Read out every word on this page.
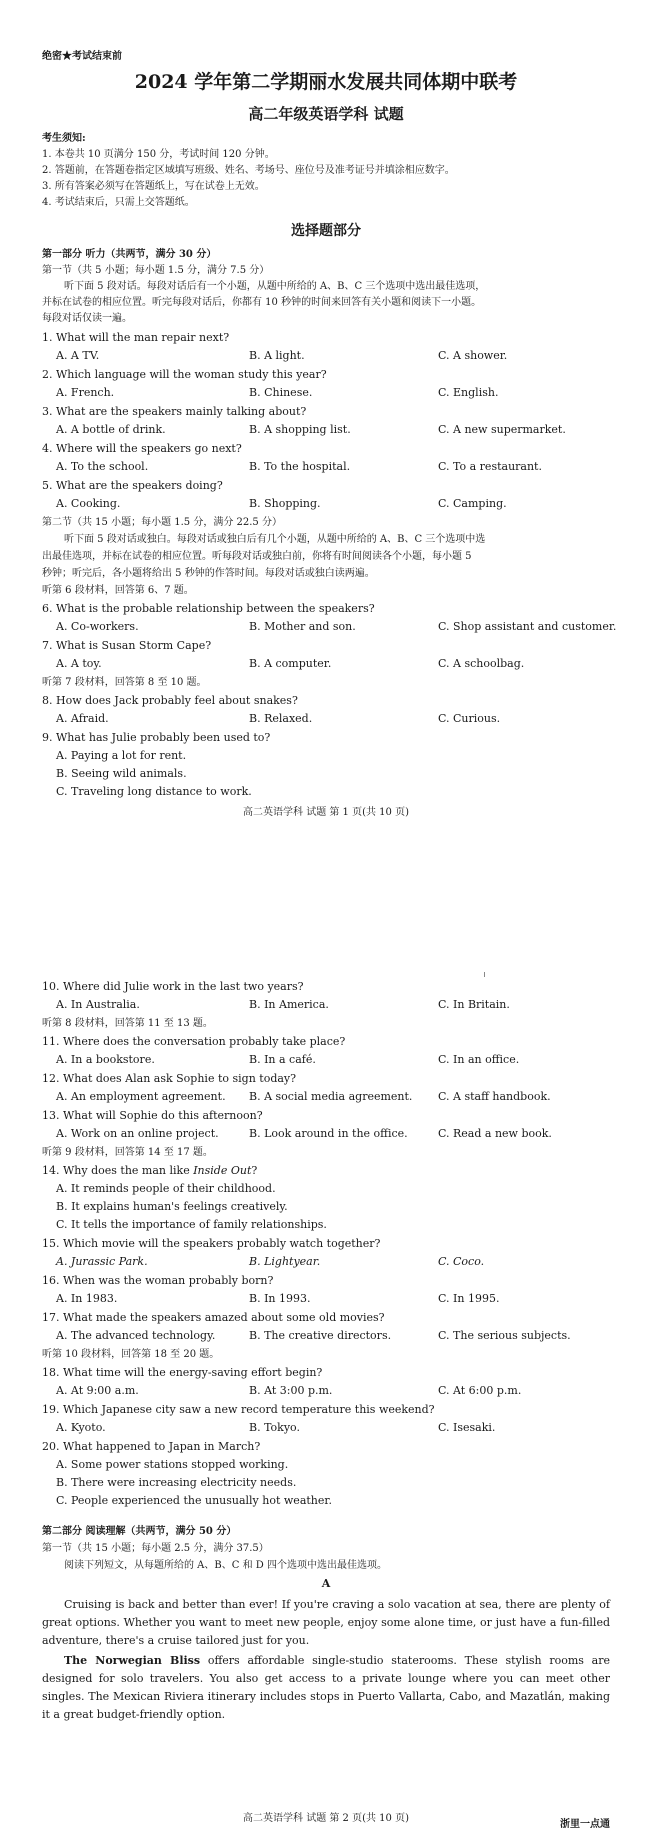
绝密★考试结束前
2024 学年第二学期丽水发展共同体期中联考
高二年级英语学科 试题
考生须知:
1. 本卷共 10 页满分 150 分，考试时间 120 分钟。
2. 答题前，在答题卷指定区域填写班级、姓名、考场号、座位号及准考证号并填涂相应数字。
3. 所有答案必须写在答题纸上，写在试卷上无效。
4. 考试结束后，只需上交答题纸。
选择题部分
第一部分 听力（共两节，满分 30 分）
第一节（共 5 小题；每小题 1.5 分，满分 7.5 分）
听下面 5 段对话。每段对话后有一个小题，从题中所给的 A、B、C 三个选项中选出最佳选项，
并标在试卷的相应位置。听完每段对话后，你都有 10 秒钟的时间来回答有关小题和阅读下一小题。
每段对话仅读一遍。
1. What will the man repair next?
A. A TV.	B. A light.	C. A shower.
2. Which language will the woman study this year?
A. French.	B. Chinese.	C. English.
3. What are the speakers mainly talking about?
A. A bottle of drink.	B. A shopping list.	C. A new supermarket.
4. Where will the speakers go next?
A. To the school.	B. To the hospital.	C. To a restaurant.
5. What are the speakers doing?
A. Cooking.	B. Shopping.	C. Camping.
第二节（共 15 小题；每小题 1.5 分，满分 22.5 分）
听下面 5 段对话或独白。每段对话或独白后有几个小题，从题中所给的 A、B、C 三个选项中选
出最佳选项，并标在试卷的相应位置。听每段对话或独白前，你将有时间阅读各个小题，每小题 5
秒钟；听完后，各小题将给出 5 秒钟的作答时间。每段对话或独白读两遍。
听第 6 段材料，回答第 6、7 题。
6. What is the probable relationship between the speakers?
A. Co-workers.	B. Mother and son.	C. Shop assistant and customer.
7. What is Susan Storm Cape?
A. A toy.	B. A computer.	C. A schoolbag.
听第 7 段材料，回答第 8 至 10 题。
8. How does Jack probably feel about snakes?
A. Afraid.	B. Relaxed.	C. Curious.
9. What has Julie probably been used to?
A. Paying a lot for rent.
B. Seeing wild animals.
C. Traveling long distance to work.
高二英语学科 试题 第 1 页(共 10 页)
10. Where did Julie work in the last two years?
A. In Australia.	B. In America.	C. In Britain.
听第 8 段材料，回答第 11 至 13 题。
11. Where does the conversation probably take place?
A. In a bookstore.	B. In a café.	C. In an office.
12. What does Alan ask Sophie to sign today?
A. An employment agreement. B. A social media agreement. C. A staff handbook.
13. What will Sophie do this afternoon?
A. Work on an online project.	B. Look around in the office.	C. Read a new book.
听第 9 段材料，回答第 14 至 17 题。
14. Why does the man like Inside Out?
A. It reminds people of their childhood.
B. It explains human's feelings creatively.
C. It tells the importance of family relationships.
15. Which movie will the speakers probably watch together?
A. Jurassic Park.	B. Lightyear.	C. Coco.
16. When was the woman probably born?
A. In 1983.	B. In 1993.	C. In 1995.
17. What made the speakers amazed about some old movies?
A. The advanced technology.	B. The creative directors.	C. The serious subjects.
听第 10 段材料，回答第 18 至 20 题。
18. What time will the energy-saving effort begin?
A. At 9:00 a.m.	B. At 3:00 p.m.	C. At 6:00 p.m.
19. Which Japanese city saw a new record temperature this weekend?
A. Kyoto.	B. Tokyo.	C. Isesaki.
20. What happened to Japan in March?
A. Some power stations stopped working.
B. There were increasing electricity needs.
C. People experienced the unusually hot weather.
第二部分 阅读理解（共两节，满分 50 分）
第一节（共 15 小题；每小题 2.5 分，满分 37.5）
阅读下列短文，从每题所给的 A、B、C 和 D 四个选项中选出最佳选项。
A
Cruising is back and better than ever! If you're craving a solo vacation at sea, there are plenty of great options. Whether you want to meet new people, enjoy some alone time, or just have a fun-filled adventure, there's a cruise tailored just for you.
The Norwegian Bliss offers affordable single-studio staterooms. These stylish rooms are designed for solo travelers. You also get access to a private lounge where you can meet other singles. The Mexican Riviera itinerary includes stops in Puerto Vallarta, Cabo, and Mazatlán, making it a great budget-friendly option.
高二英语学科 试题 第 2 页(共 10 页)
浙里一点通
